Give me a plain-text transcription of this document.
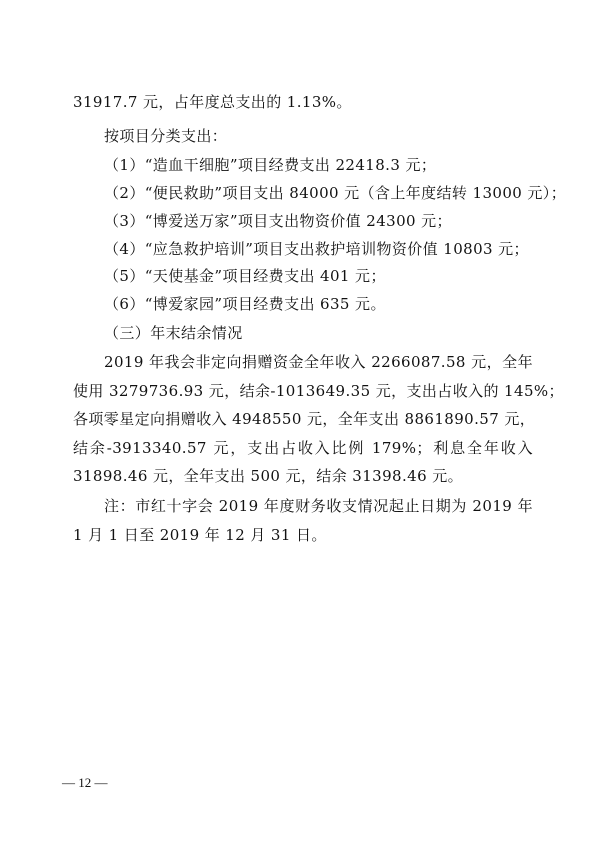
31917.7 元，占年度总支出的 1.13%。
按项目分类支出：
（1）“造血干细胞”项目经费支出 22418.3 元；
（2）“便民救助”项目支出 84000 元（含上年度结转 13000 元）；
（3）“博爱送万家”项目支出物资价值 24300 元；
（4）“应急救护培训”项目支出救护培训物资价值 10803 元；
（5）“天使基金”项目经费支出 401 元；
（6）“博爱家园”项目经费支出 635 元。
（三）年末结余情况
2019 年我会非定向捐赠资金全年收入 2266087.58 元，全年
使用 3279736.93 元，结余-1013649.35 元，支出占收入的 145%；
各项零星定向捐赠收入 4948550 元，全年支出 8861890.57 元，
结余-3913340.57 元，支出占收入比例 179%；利息全年收入
31898.46 元，全年支出 500 元，结余 31398.46 元。
注：市红十字会 2019 年度财务收支情况起止日期为 2019 年
1 月 1 日至 2019 年 12 月 31 日。
— 12 —
